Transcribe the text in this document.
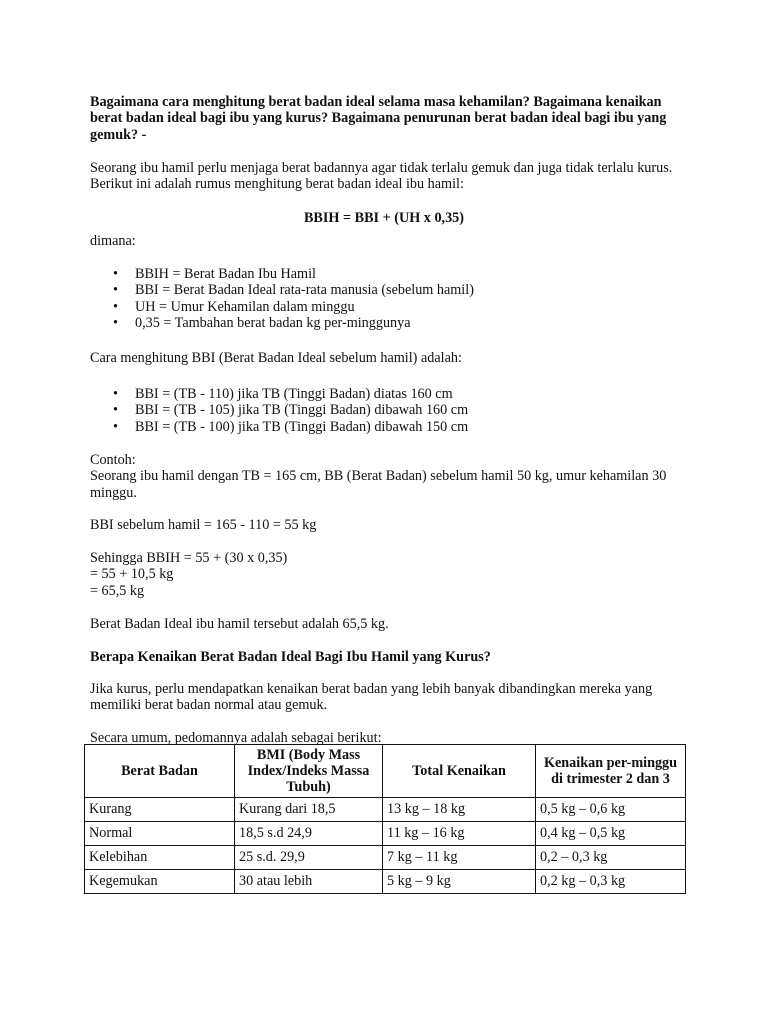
Bagaimana cara menghitung berat badan ideal selama masa kehamilan? Bagaimana kenaikan berat badan ideal bagi ibu yang kurus? Bagaimana penurunan berat badan ideal bagi ibu yang gemuk? -

Seorang ibu hamil perlu menjaga berat badannya agar tidak terlalu gemuk dan juga tidak terlalu kurus. Berikut ini adalah rumus menghitung berat badan ideal ibu hamil:

BBIH = BBI + (UH x 0,35)

dimana:

• BBIH = Berat Badan Ibu Hamil
• BBI = Berat Badan Ideal rata-rata manusia (sebelum hamil)
• UH = Umur Kehamilan dalam minggu
• 0,35 = Tambahan berat badan kg per-minggunya

Cara menghitung BBI (Berat Badan Ideal sebelum hamil) adalah:

• BBI = (TB - 110) jika TB (Tinggi Badan) diatas 160 cm
• BBI = (TB - 105) jika TB (Tinggi Badan) dibawah 160 cm
• BBI = (TB - 100) jika TB (Tinggi Badan) dibawah 150 cm
Contoh:
Seorang ibu hamil dengan TB = 165 cm, BB (Berat Badan) sebelum hamil 50 kg, umur kehamilan 30 minggu.

BBI sebelum hamil = 165 - 110 = 55 kg

Sehingga BBIH = 55 + (30 x 0,35)
= 55 + 10,5 kg
= 65,5 kg

Berat Badan Ideal ibu hamil tersebut adalah 65,5 kg.

Berapa Kenaikan Berat Badan Ideal Bagi Ibu Hamil yang Kurus?

Jika kurus, perlu mendapatkan kenaikan berat badan yang lebih banyak dibandingkan mereka yang memiliki berat badan normal atau gemuk.

Secara umum, pedomannya adalah sebagai berikut:

Berat Badan	BMI (Body Mass Index/Indeks Massa Tubuh)	Total Kenaikan	Kenaikan per-minggu di trimester 2 dan 3
Kurang	Kurang dari 18,5	13 kg – 18 kg	0,5 kg – 0,6 kg
Normal	18,5 s.d 24,9	11 kg – 16 kg	0,4 kg – 0,5 kg
Kelebihan	25 s.d. 29,9	7 kg – 11 kg	0,2 – 0,3 kg
Kegemukan	30 atau lebih	5 kg – 9 kg	0,2 kg – 0,3 kg
